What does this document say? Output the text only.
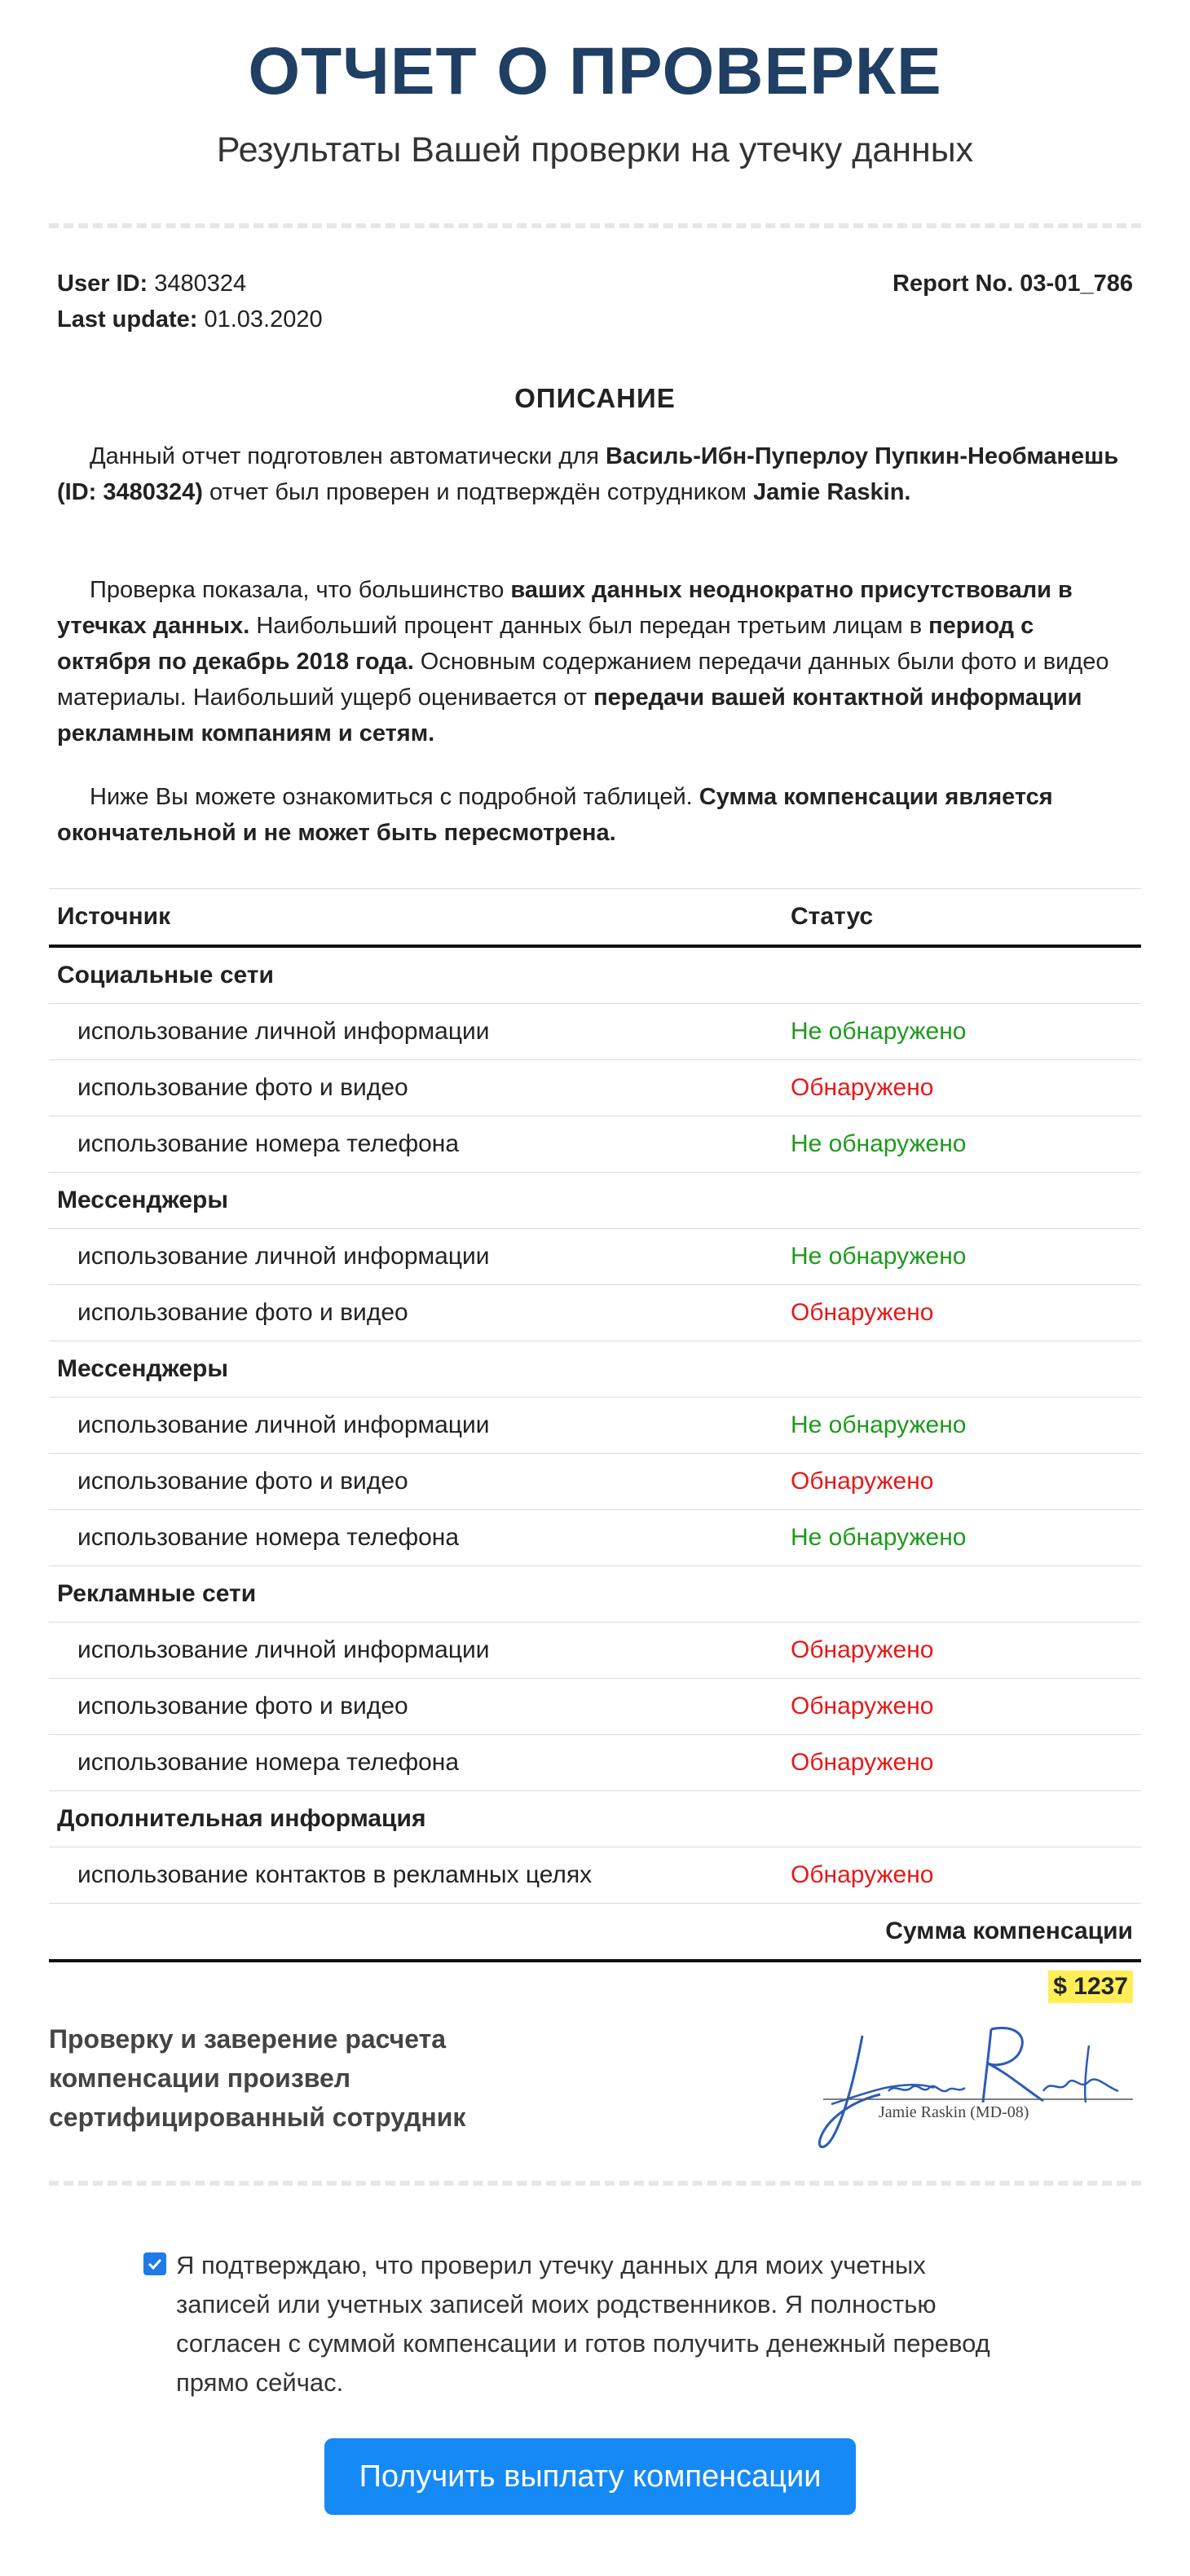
ОТЧЕТ О ПРОВЕРКЕ
Результаты Вашей проверки на утечку данных
User ID: 3480324
Last update: 01.03.2020
Report No. 03-01_786
ОПИСАНИЕ
Данный отчет подготовлен автоматически для Василь-Ибн-Пуперлоу Пупкин-Необманешь (ID: 3480324) отчет был проверен и подтверждён сотрудником Jamie Raskin.
Проверка показала, что большинство ваших данных неоднократно присутствовали в утечках данных. Наибольший процент данных был передан третьим лицам в период с октября по декабрь 2018 года. Основным содержанием передачи данных были фото и видео материалы. Наибольший ущерб оценивается от передачи вашей контактной информации рекламным компаниям и сетям.
Ниже Вы можете ознакомиться с подробной таблицей. Сумма компенсации является окончательной и не может быть пересмотрена.
Источник	Статус
Социальные сети	
использование личной информации	Не обнаружено
использование фото и видео	Обнаружено
использование номера телефона	Не обнаружено
Мессенджеры	
использование личной информации	Не обнаружено
использование фото и видео	Обнаружено
Мессенджеры	
использование личной информации	Не обнаружено
использование фото и видео	Обнаружено
использование номера телефона	Не обнаружено
Рекламные сети	
использование личной информации	Обнаружено
использование фото и видео	Обнаружено
использование номера телефона	Обнаружено
Дополнительная информация	
использование контактов в рекламных целях	Обнаружено
Сумма компенсации	
$ 1237
Проверку и заверение расчета компенсации произвел сертифицированный сотрудник	Jamie Raskin (MD-08)
Я подтверждаю, что проверил утечку данных для моих учетных записей или учетных записей моих родственников. Я полностью согласен с суммой компенсации и готов получить денежный перевод прямо сейчас.
Получить выплату компенсации
